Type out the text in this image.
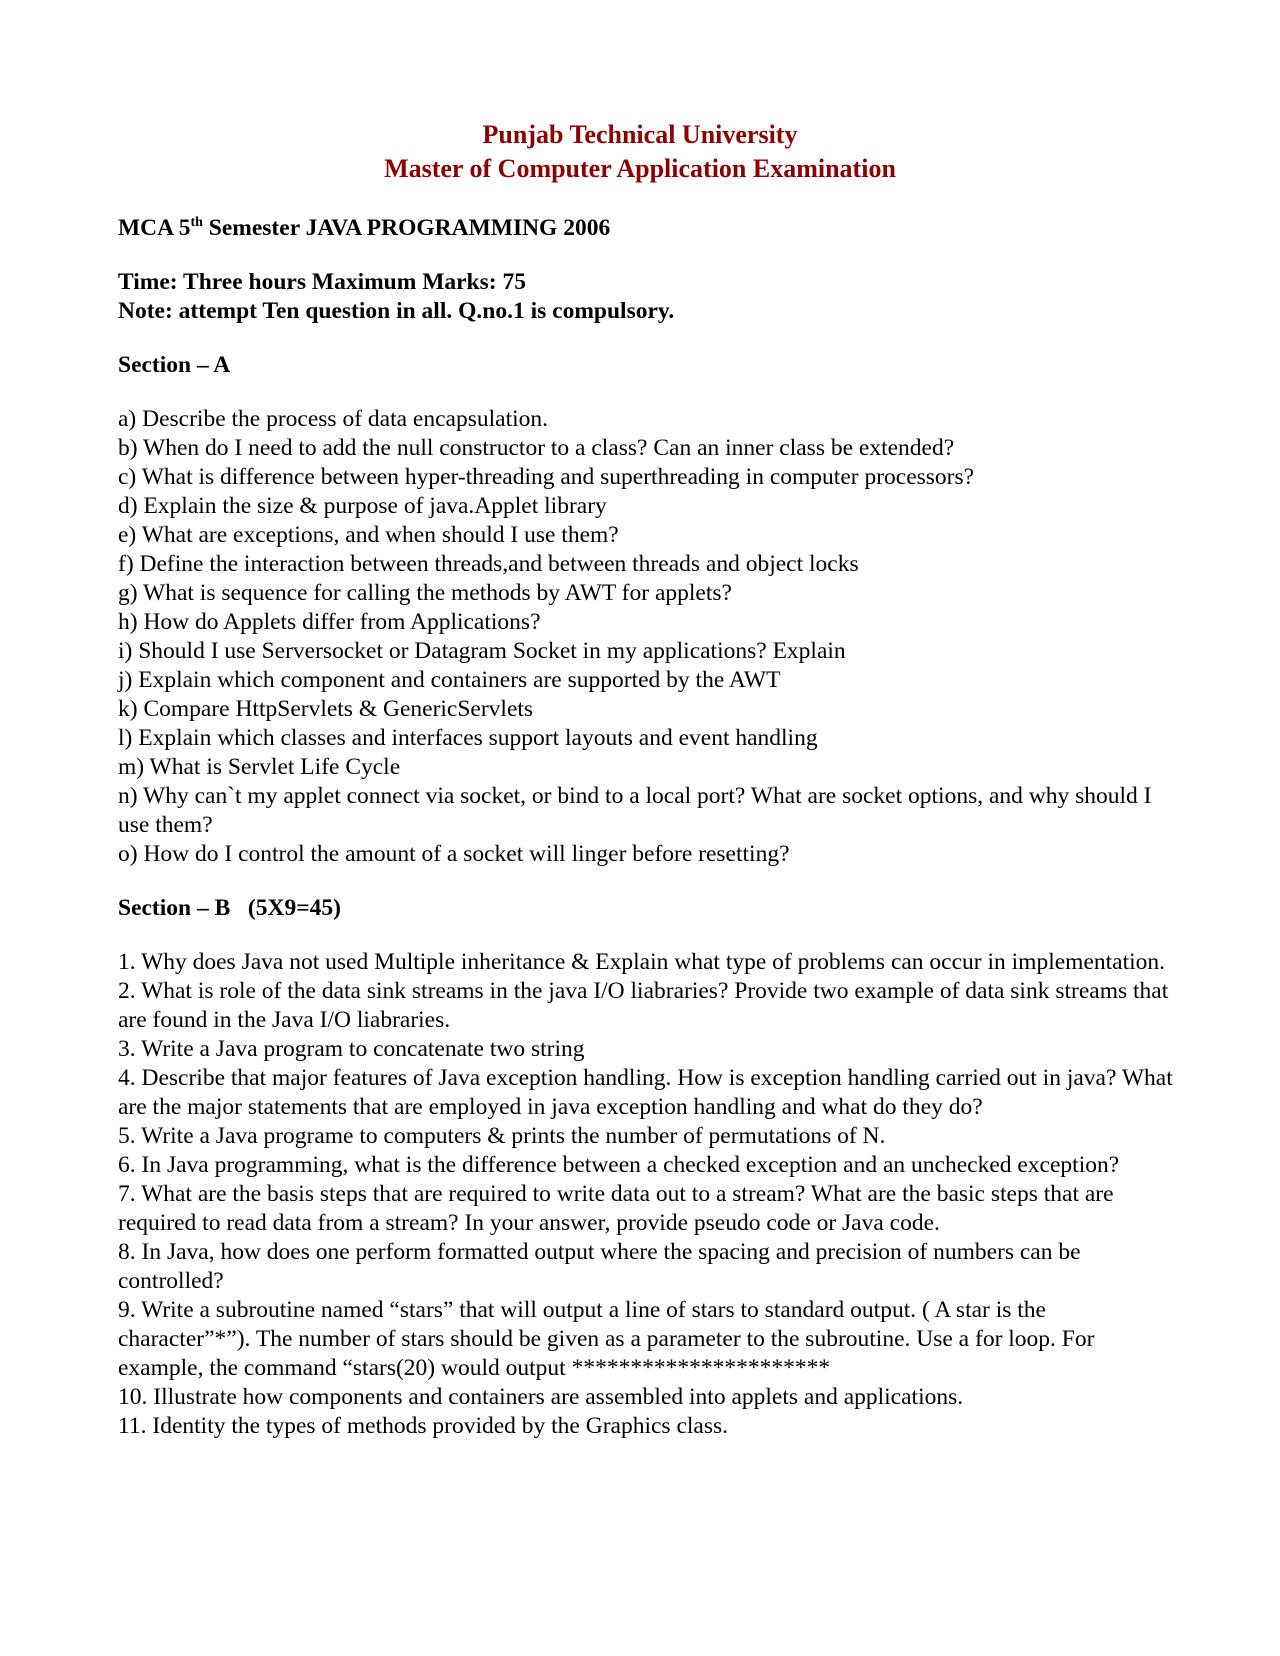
Punjab Technical University
Master of Computer Application Examination

MCA 5th Semester JAVA PROGRAMMING 2006

Time: Three hours Maximum Marks: 75

Note: attempt Ten question in all. Q.no.1 is compulsory.

Section – A

a) Describe the process of data encapsulation.

b) When do I need to add the null constructor to a class? Can an inner class be extended?

c) What is difference between hyper-threading and superthreading in computer processors?

d) Explain the size & purpose of java.Applet library

e) What are exceptions, and when should I use them?

f) Define the interaction between threads,and between threads and object locks

g) What is sequence for calling the methods by AWT for applets?

h) How do Applets differ from Applications?

i) Should I use Serversocket or Datagram Socket in my applications? Explain

j) Explain which component and containers are supported by the AWT

k) Compare HttpServlets & GenericServlets

l) Explain which classes and interfaces support layouts and event handling

m) What is Servlet Life Cycle

n) Why can`t my applet connect via socket, or bind to a local port? What are socket options, and why should I use them?

o) How do I control the amount of a socket will linger before resetting?

Section – B (5X9=45)

1. Why does Java not used Multiple inheritance & Explain what type of problems can occur in implementation.

2. What is role of the data sink streams in the java I/O liabraries? Provide two example of data sink streams that are found in the Java I/O liabraries.

3. Write a Java program to concatenate two string

4. Describe that major features of Java exception handling. How is exception handling carried out in java? What are the major statements that are employed in java exception handling and what do they do?

5. Write a Java programe to computers & prints the number of permutations of N.

6. In Java programming, what is the difference between a checked exception and an unchecked exception?

7. What are the basis steps that are required to write data out to a stream? What are the basic steps that are required to read data from a stream? In your answer, provide pseudo code or Java code.

8. In Java, how does one perform formatted output where the spacing and precision of numbers can be controlled?

9. Write a subroutine named “stars” that will output a line of stars to standard output. ( A star is the character”*”). The number of stars should be given as a parameter to the subroutine. Use a for loop. For example, the command “stars(20) would output **********************

10. Illustrate how components and containers are assembled into applets and applications.

11. Identity the types of methods provided by the Graphics class.
